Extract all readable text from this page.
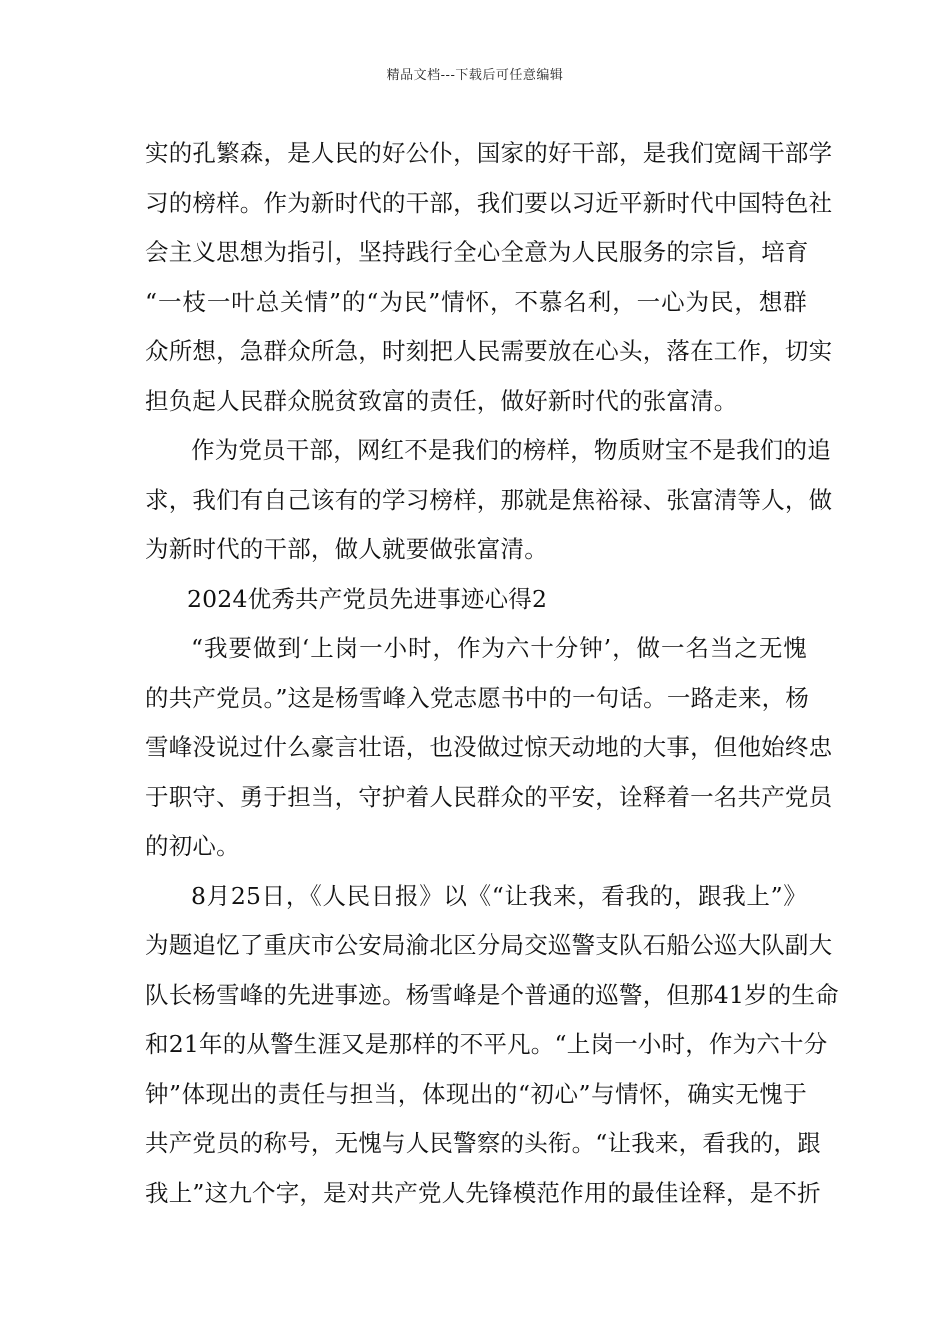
精品文档---下载后可任意编辑
实的孔繁森，是人民的好公仆，国家的好干部，是我们宽阔干部学
习的榜样。作为新时代的干部，我们要以习近平新时代中国特色社
会主义思想为指引，坚持践行全心全意为人民服务的宗旨，培育
“一枝一叶总关情”的“为民”情怀，不慕名利，一心为民，想群
众所想，急群众所急，时刻把人民需要放在心头，落在工作，切实
担负起人民群众脱贫致富的责任，做好新时代的张富清。
作为党员干部，网红不是我们的榜样，物质财宝不是我们的追
求，我们有自己该有的学习榜样，那就是焦裕禄、张富清等人，做
为新时代的干部，做人就要做张富清。
2024优秀共产党员先进事迹心得2
“我要做到‘上岗一小时，作为六十分钟’，做一名当之无愧
的共产党员。”这是杨雪峰入党志愿书中的一句话。一路走来，杨
雪峰没说过什么豪言壮语，也没做过惊天动地的大事，但他始终忠
于职守、勇于担当，守护着人民群众的平安，诠释着一名共产党员
的初心。
8月25日，《人民日报》以《“让我来，看我的，跟我上”》
为题追忆了重庆市公安局渝北区分局交巡警支队石船公巡大队副大
队长杨雪峰的先进事迹。杨雪峰是个普通的巡警，但那41岁的生命
和21年的从警生涯又是那样的不平凡。“上岗一小时，作为六十分
钟”体现出的责任与担当，体现出的“初心”与情怀，确实无愧于
共产党员的称号，无愧与人民警察的头衔。“让我来，看我的，跟
我上”这九个字，是对共产党人先锋模范作用的最佳诠释，是不折
